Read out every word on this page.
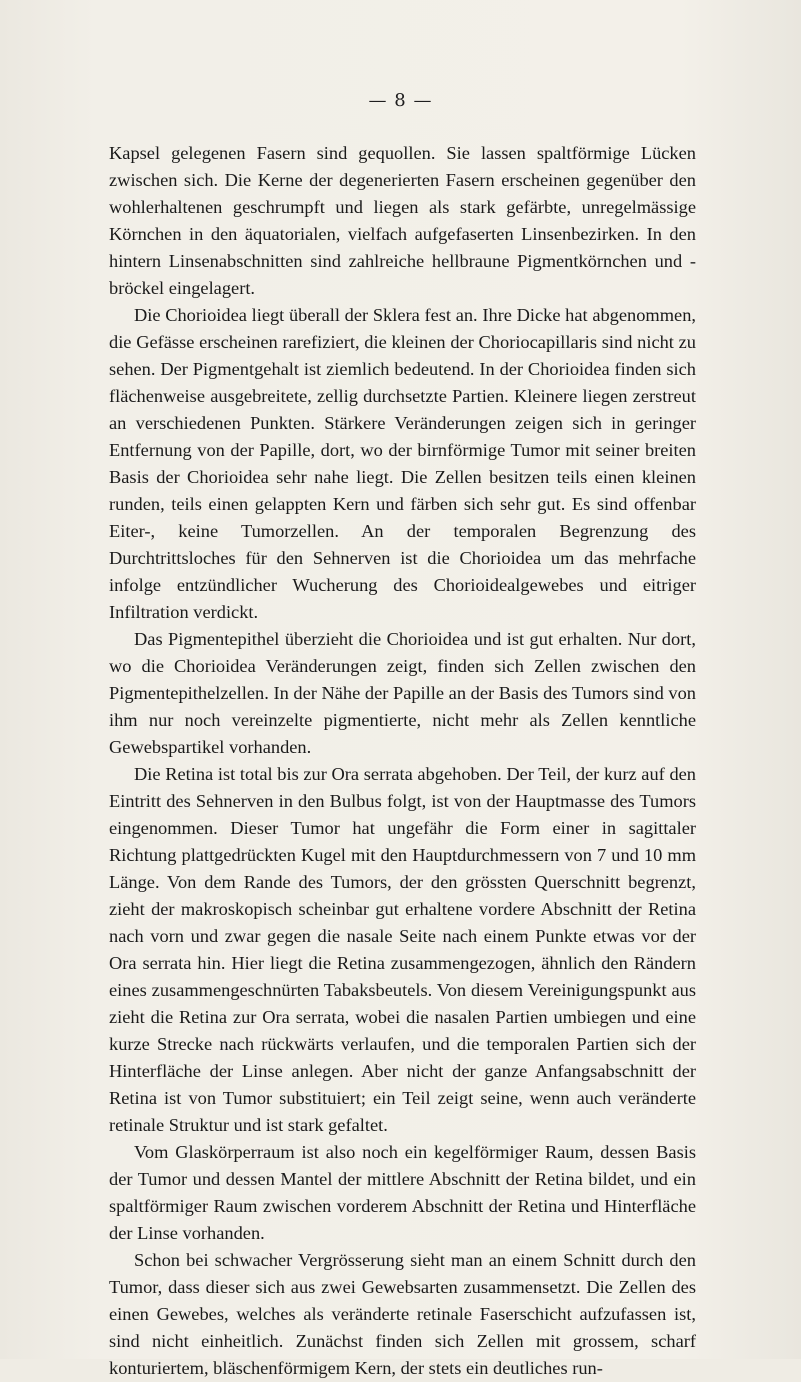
— 8 —

Kapsel gelegenen Fasern sind gequollen. Sie lassen spaltförmige Lücken zwischen sich. Die Kerne der degenerierten Fasern erscheinen gegenüber den wohlerhaltenen geschrumpft und liegen als stark gefärbte, unregelmässige Körnchen in den äquatorialen, vielfach aufgefaserten Linsenbezirken. In den hintern Linsenabschnitten sind zahlreiche hellbraune Pigmentkörnchen und -bröckel eingelagert.

Die Chorioidea liegt überall der Sklera fest an. Ihre Dicke hat abgenommen, die Gefässe erscheinen rarefiziert, die kleinen der Choriocapillaris sind nicht zu sehen. Der Pigmentgehalt ist ziemlich bedeutend. In der Chorioidea finden sich flächenweise ausgebreitete, zellig durchsetzte Partien. Kleinere liegen zerstreut an verschiedenen Punkten. Stärkere Veränderungen zeigen sich in geringer Entfernung von der Papille, dort, wo der birnförmige Tumor mit seiner breiten Basis der Chorioidea sehr nahe liegt. Die Zellen besitzen teils einen kleinen runden, teils einen gelappten Kern und färben sich sehr gut. Es sind offenbar Eiter-, keine Tumorzellen. An der temporalen Begrenzung des Durchtrittsloches für den Sehnerven ist die Chorioidea um das mehrfache infolge entzündlicher Wucherung des Chorioidealgewebes und eitriger Infiltration verdickt.

Das Pigmentepithel überzieht die Chorioidea und ist gut erhalten. Nur dort, wo die Chorioidea Veränderungen zeigt, finden sich Zellen zwischen den Pigmentepithelzellen. In der Nähe der Papille an der Basis des Tumors sind von ihm nur noch vereinzelte pigmentierte, nicht mehr als Zellen kenntliche Gewebspartikel vorhanden.

Die Retina ist total bis zur Ora serrata abgehoben. Der Teil, der kurz auf den Eintritt des Sehnerven in den Bulbus folgt, ist von der Hauptmasse des Tumors eingenommen. Dieser Tumor hat ungefähr die Form einer in sagittaler Richtung plattgedrückten Kugel mit den Hauptdurchmessern von 7 und 10 mm Länge. Von dem Rande des Tumors, der den grössten Querschnitt begrenzt, zieht der makroskopisch scheinbar gut erhaltene vordere Abschnitt der Retina nach vorn und zwar gegen die nasale Seite nach einem Punkte etwas vor der Ora serrata hin. Hier liegt die Retina zusammengezogen, ähnlich den Rändern eines zusammengeschnürten Tabaksbeutels. Von diesem Vereinigungspunkt aus zieht die Retina zur Ora serrata, wobei die nasalen Partien umbiegen und eine kurze Strecke nach rückwärts verlaufen, und die temporalen Partien sich der Hinterfläche der Linse anlegen. Aber nicht der ganze Anfangsabschnitt der Retina ist von Tumor substituiert; ein Teil zeigt seine, wenn auch veränderte retinale Struktur und ist stark gefaltet.

Vom Glaskörperraum ist also noch ein kegelförmiger Raum, dessen Basis der Tumor und dessen Mantel der mittlere Abschnitt der Retina bildet, und ein spaltförmiger Raum zwischen vorderem Abschnitt der Retina und Hinterfläche der Linse vorhanden.

Schon bei schwacher Vergrösserung sieht man an einem Schnitt durch den Tumor, dass dieser sich aus zwei Gewebsarten zusammensetzt. Die Zellen des einen Gewebes, welches als veränderte retinale Faserschicht aufzufassen ist, sind nicht einheitlich. Zunächst finden sich Zellen mit grossem, scharf konturiertem, bläschenförmigem Kern, der stets ein deutliches run-
